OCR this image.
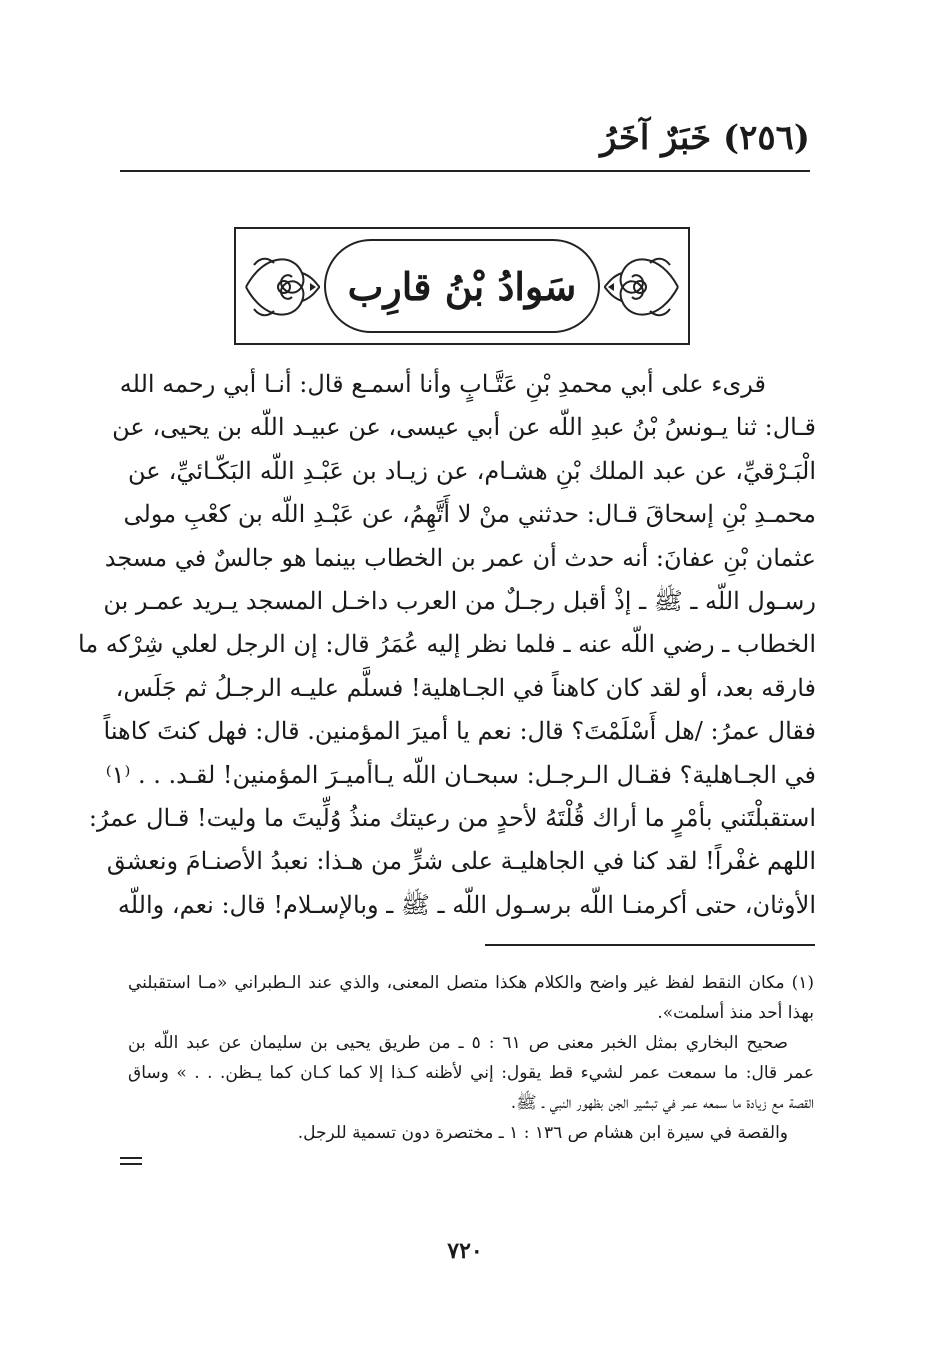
(٢٥٦) خَبَرٌ آخَرُ
سَوادُ بْنُ قارِب
قرىء على أبي محمدِ بْنِ عَتَّـابٍ وأنا أسمـع قال: أنـا أبي رحمه الله
قـال: ثنا يـونسُ بْنُ عبدِ اللّه عن أبي عيسى، عن عبيـد اللّه بن يحيى، عن
الْبَـرْقيِّ، عن عبد الملك بْنِ هشـام، عن زيـاد بن عَبْـدِ اللّه البَكّـائيِّ، عن
محمـدِ بْنِ إسحاقَ قـال: حدثني منْ لا أَتَّهِمُ، عن عَبْـدِ اللّه بن كعْبِ مولى
عثمان بْنِ عفانَ: أنه حدث أن عمر بن الخطاب بينما هو جالسٌ في مسجد
رسـول اللّه ـ ﷺ ـ إذْ أقبل رجـلٌ من العرب داخـل المسجد يـريد عمـر بن
الخطاب ـ رضي اللّه عنه ـ فلما نظر إليه عُمَرُ قال: إن الرجل لعلي شِرْكه ما
فارقه بعد، أو لقد كان كاهناً في الجـاهلية! فسلَّم عليـه الرجـلُ ثم جَلَس،
فقال عمرُ: /هل أَسْلَمْتَ؟ قال: نعم يا أميرَ المؤمنين. قال: فهل كنتَ كاهناً
في الجـاهلية؟ فقـال الـرجـل: سبحـان اللّه يـاأميـرَ المؤمنين! لقـد. . . ⁽١⁾
استقبلْتَني بأمْرٍ ما أراك قُلْتَهُ لأحدٍ من رعيتك منذُ وُلِّيتَ ما وليت! قـال عمرُ:
اللهم غفْراً! لقد كنا في الجاهليـة على شرٍّ من هـذا: نعبدُ الأصنـامَ ونعشق
الأوثان، حتى أكرمنـا اللّه برسـول اللّه ـ ﷺ ـ وبالإسـلام! قال: نعم، واللّه
(١) مكان النقط لفظ غير واضح والكلام هكذا متصل المعنى، والذي عند الـطبراني «مـا استقبلني
بهذا أحد منذ أسلمت».
صحيح البخاري بمثل الخبر معنى ص ٦١ : ٥ ـ من طريق يحيى بن سليمان عن عبد اللّه بن
عمر قال: ما سمعت عمر لشيء قط يقول: إني لأظنه كـذا إلا كما كـان كما يـظن. . . » وساق
القصة مع زيادة ما سمعه عمر في تبشير الجن بظهور النبي ـ ﷺ.
والقصة في سيرة ابن هشام ص ١٣٦ : ١ ـ مختصرة دون تسمية للرجل.
٧٢٠
